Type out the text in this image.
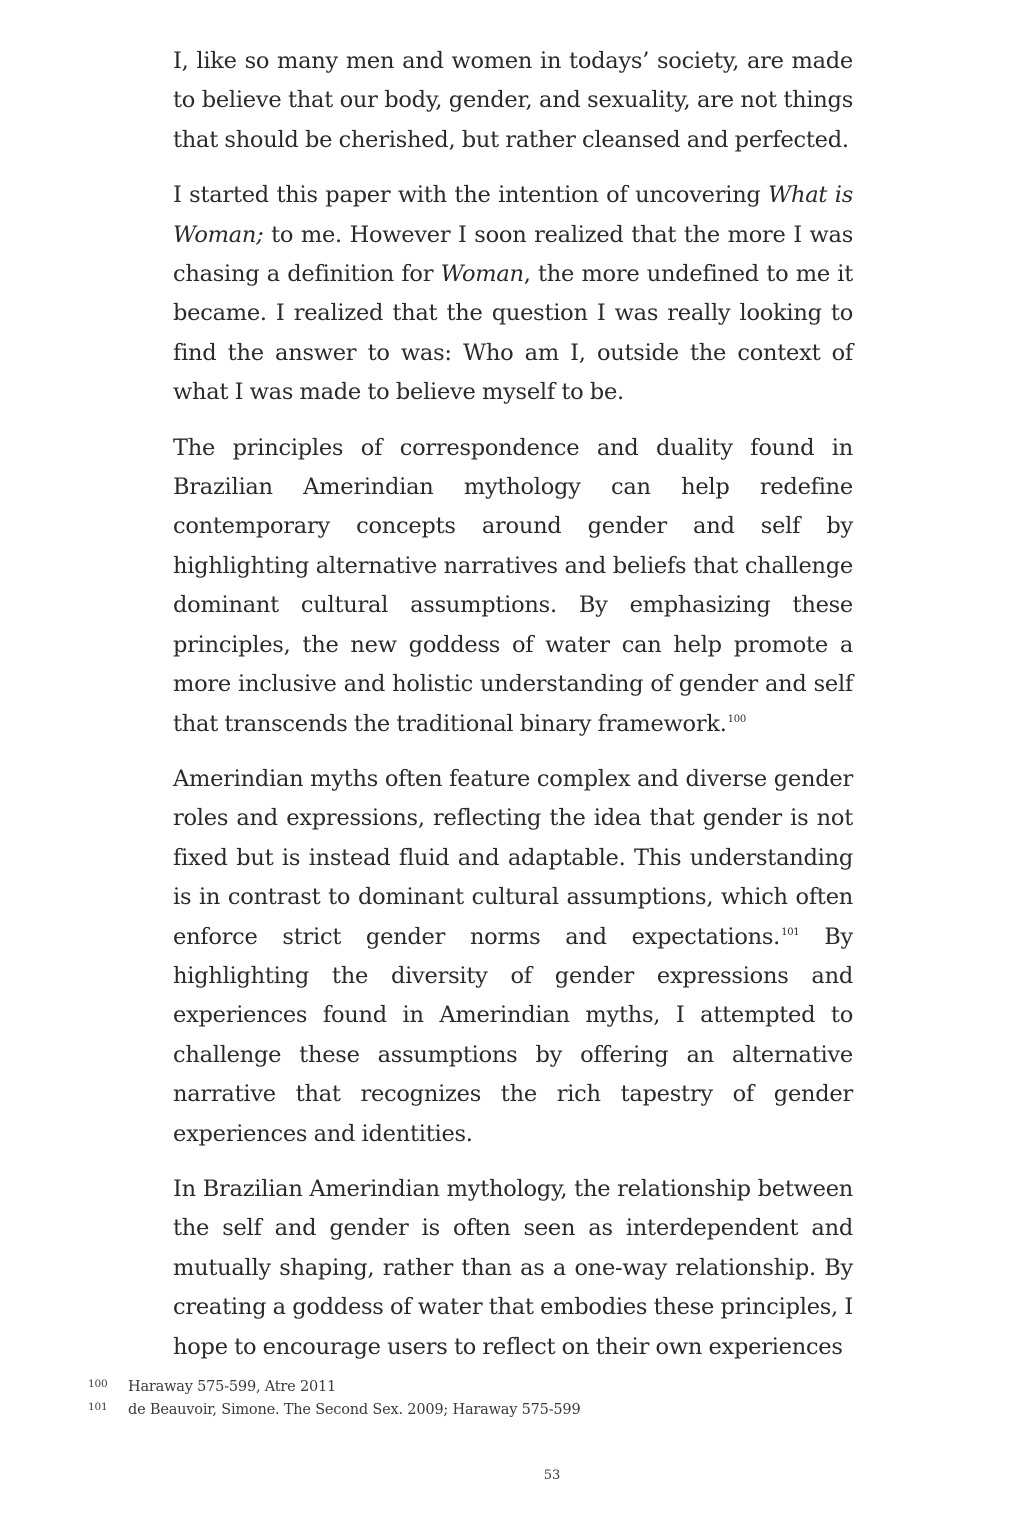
I, like so many men and women in todays’ society, are made to believe that our body, gender, and sexuality, are not things that should be cherished, but rather cleansed and perfected.

I started this paper with the intention of uncovering What is Woman; to me. However I soon realized that the more I was chasing a definition for Woman, the more undefined to me it became. I realized that the question I was really looking to find the answer to was: Who am I, outside the context of what I was made to believe myself to be.

The principles of correspondence and duality found in Brazilian Amerindian mythology can help redefine contemporary concepts around gender and self by highlighting alternative narratives and beliefs that challenge dominant cultural assumptions. By emphasizing these principles, the new goddess of water can help promote a more inclusive and holistic understanding of gender and self that transcends the traditional binary framework.$^{100}$

Amerindian myths often feature complex and diverse gender roles and expressions, reflecting the idea that gender is not fixed but is instead fluid and adaptable. This understanding is in contrast to dominant cultural assumptions, which often enforce strict gender norms and expectations.$^{101}$ By highlighting the diversity of gender expressions and experiences found in Amerindian myths, I attempted to challenge these assumptions by offering an alternative narrative that recognizes the rich tapestry of gender experiences and identities.

In Brazilian Amerindian mythology, the relationship between the self and gender is often seen as interdependent and mutually shaping, rather than as a one-way relationship. By creating a goddess of water that embodies these principles, I hope to encourage users to reflect on their own experiences

100	Haraway 575-599, Atre 2011
101	de Beauvoir, Simone. The Second Sex. 2009; Haraway 575-599
53
